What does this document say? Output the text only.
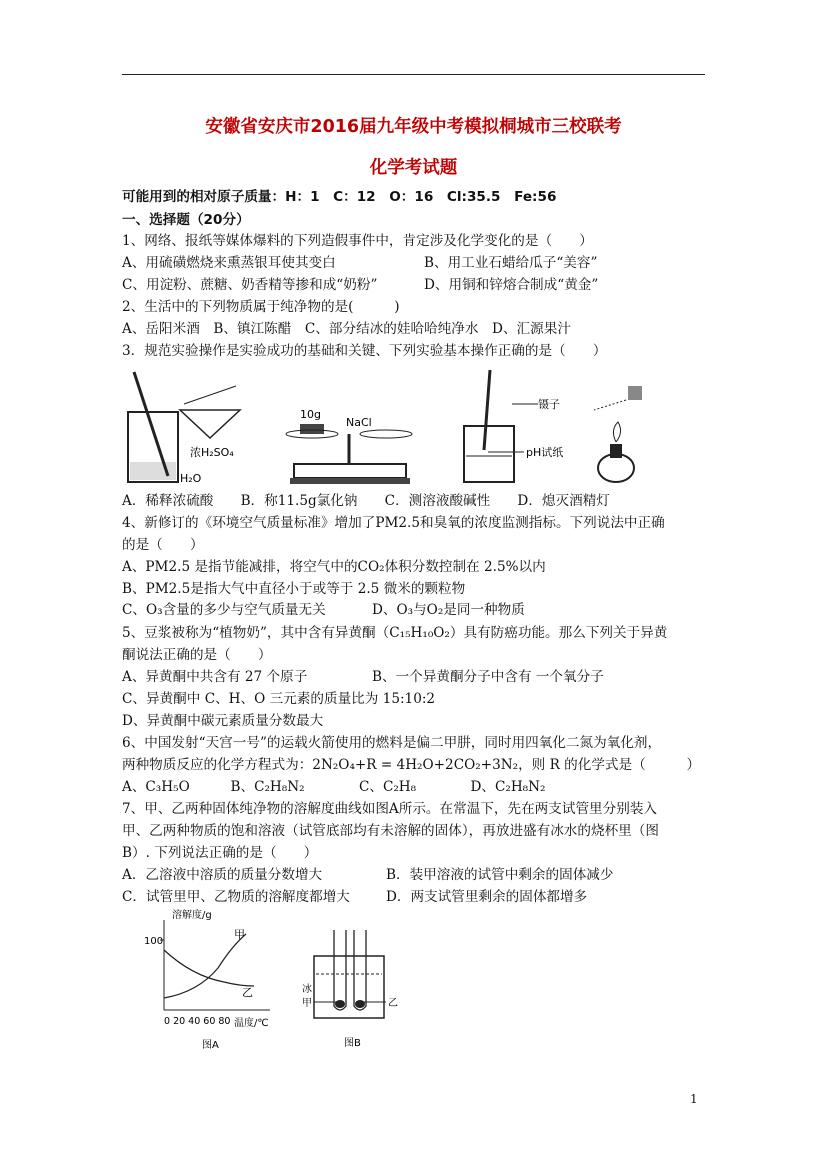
安徽省安庆市2016届九年级中考模拟桐城市三校联考
化学考试题
可能用到的相对原子质量：H：1　C：12　O：16　Cl:35.5　Fe:56
一、选择题（20分）
1、网络、报纸等媒体爆料的下列造假事件中，肯定涉及化学变化的是（　　）
A、用硫磺燃烧来熏蒸银耳使其变白	B、用工业石蜡给瓜子“美容”
C、用淀粉、蔗糖、奶香精等掺和成“奶粉”	D、用铜和锌熔合制成“黄金”
2、生活中的下列物质属于纯净物的是(　　　)
A、岳阳米酒　B、镇江陈醋　C、部分结冰的娃哈哈纯净水　D、汇源果汁
3．规范实验操作是实验成功的基础和关键、下列实验基本操作正确的是（　　）
浓H₂SO₄
H₂O
10g
NaCl
镊子
pH试纸
A．稀释浓硫酸　　B．称11.5g氯化钠　　C．测溶液酸碱性　　D．熄灭酒精灯
4、新修订的《环境空气质量标准》增加了PM2.5和臭氧的浓度监测指标。下列说法中正确
的是（　　）
A、PM2.5 是指节能减排，将空气中的CO₂体积分数控制在 2.5%以内
B、PM2.5是指大气中直径小于或等于 2.5 微米的颗粒物
C、O₃含量的多少与空气质量无关	D、O₃与O₂是同一种物质
5、豆浆被称为“植物奶”，其中含有异黄酮（C₁₅H₁₀O₂）具有防癌功能。那么下列关于异黄
酮说法正确的是（　　）
A、异黄酮中共含有 27 个原子	B、一个异黄酮分子中含有 一个氧分子
C、异黄酮中 C、H、O 三元素的质量比为 15:10:2
D、异黄酮中碳元素质量分数最大
6、中国发射“天宫一号”的运载火箭使用的燃料是偏二甲肼，同时用四氧化二氮为氧化剂，
两种物质反应的化学方程式为：2N₂O₄+R = 4H₂O+2CO₂+3N₂，则 R 的化学式是（　　　）
A、C₃H₅O　　　B、C₂H₈N₂　　　　C、C₂H₈　　　　D、C₂H₈N₂
7、甲、乙两种固体纯净物的溶解度曲线如图A所示。在常温下，先在两支试管里分别装入
甲、乙两种物质的饱和溶液（试管底部均有未溶解的固体），再放进盛有冰水的烧杯里（图
B）. 下列说法正确的是（　　）
A．乙溶液中溶质的质量分数增大	B．装甲溶液的试管中剩余的固体减少
C．试管里甲、乙物质的溶解度都增大	D．两支试管里剩余的固体都增多
溶解度/g
100
甲
乙
0 20 40 60 80 温度/℃
图A
冰
甲	乙
图B
1
